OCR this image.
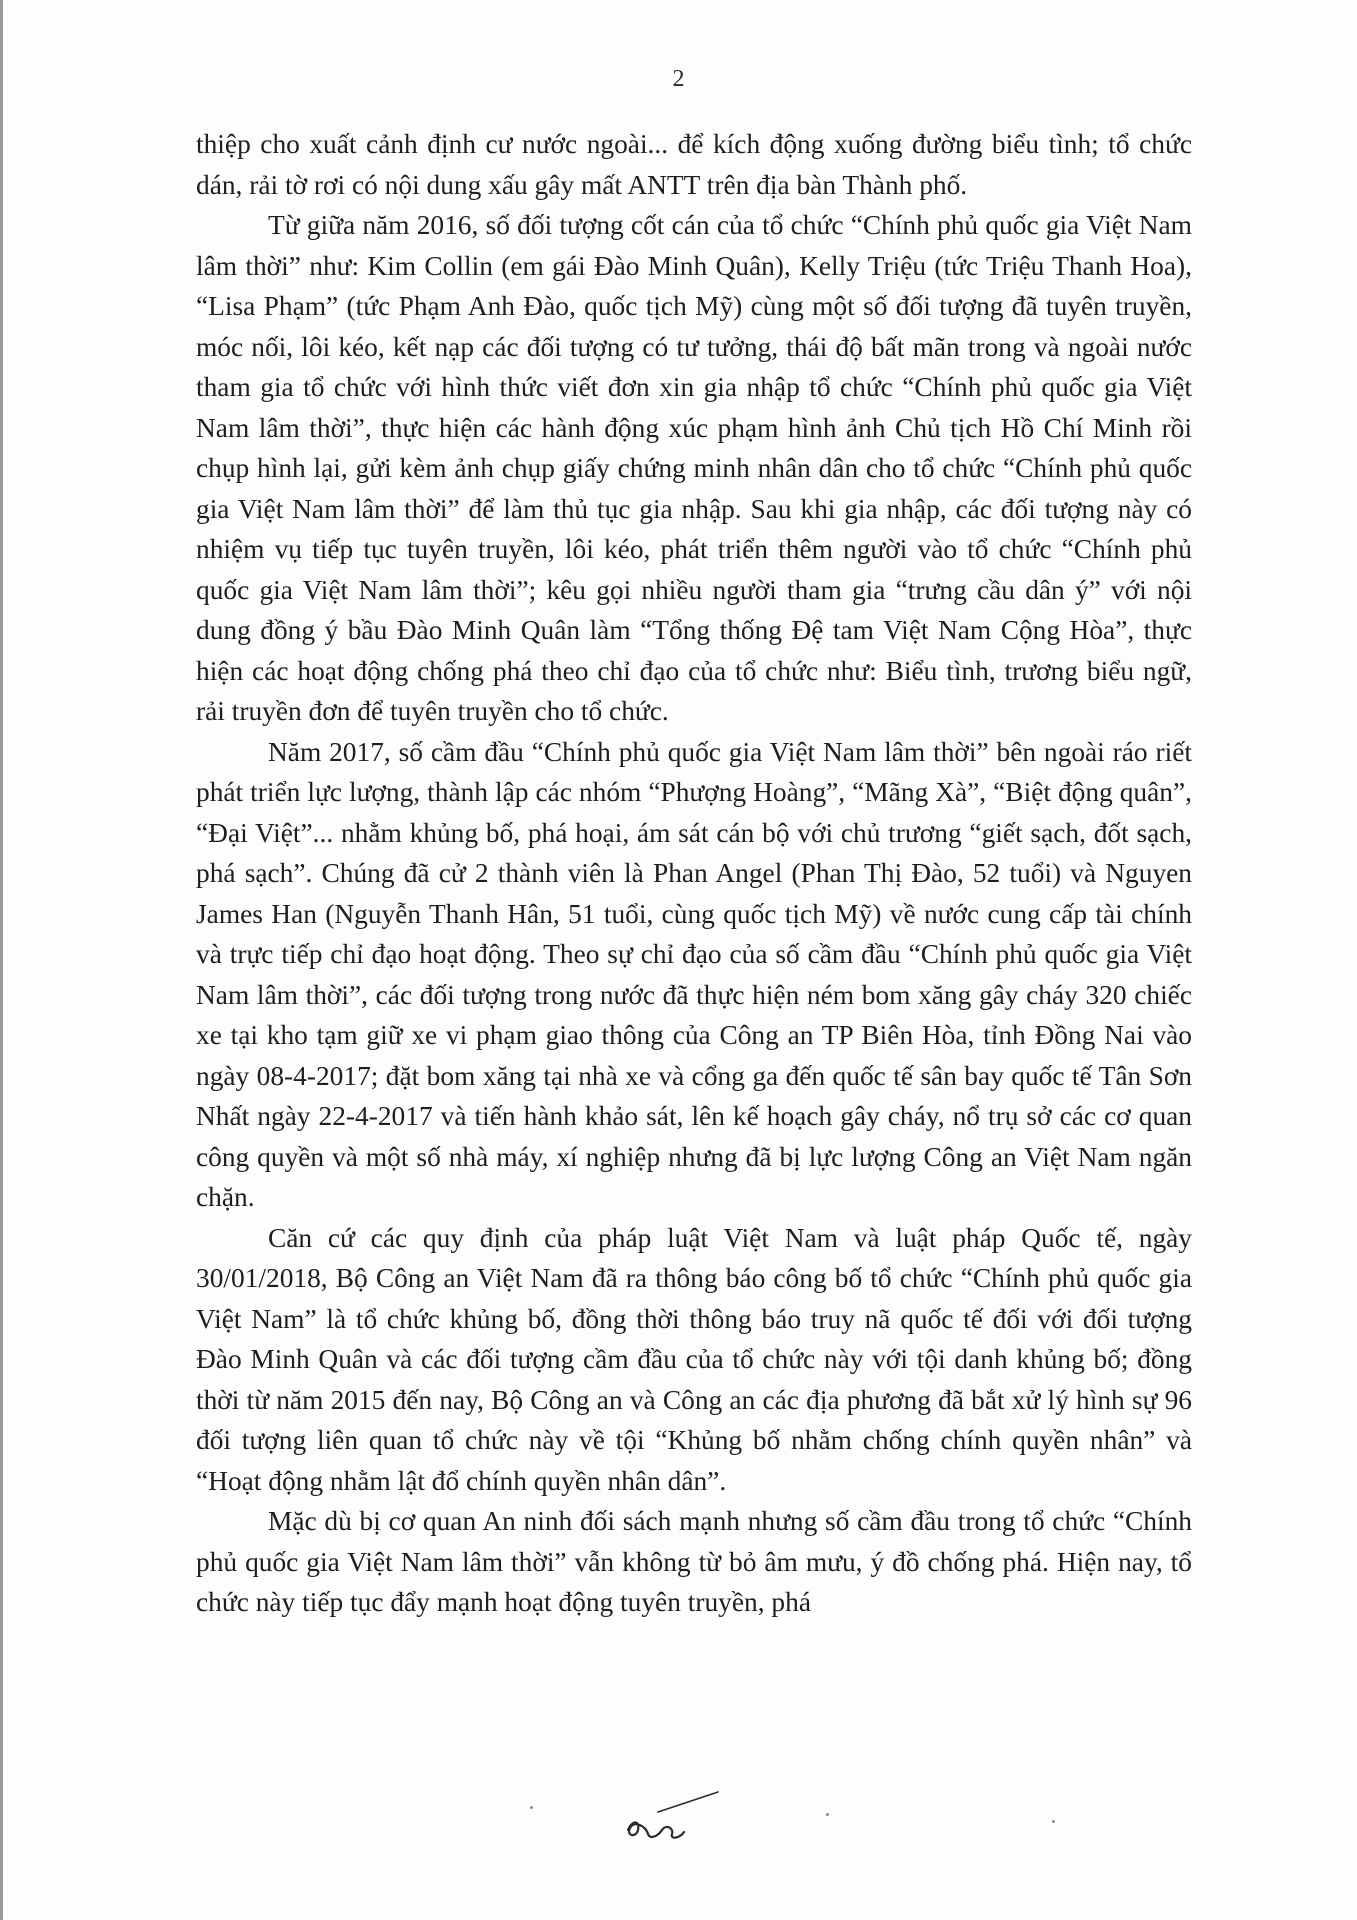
2

thiệp cho xuất cảnh định cư nước ngoài... để kích động xuống đường biểu tình; tổ chức dán, rải tờ rơi có nội dung xấu gây mất ANTT trên địa bàn Thành phố.

Từ giữa năm 2016, số đối tượng cốt cán của tổ chức “Chính phủ quốc gia Việt Nam lâm thời” như: Kim Collin (em gái Đào Minh Quân), Kelly Triệu (tức Triệu Thanh Hoa), “Lisa Phạm” (tức Phạm Anh Đào, quốc tịch Mỹ) cùng một số đối tượng đã tuyên truyền, móc nối, lôi kéo, kết nạp các đối tượng có tư tưởng, thái độ bất mãn trong và ngoài nước tham gia tổ chức với hình thức viết đơn xin gia nhập tổ chức “Chính phủ quốc gia Việt Nam lâm thời”, thực hiện các hành động xúc phạm hình ảnh Chủ tịch Hồ Chí Minh rồi chụp hình lại, gửi kèm ảnh chụp giấy chứng minh nhân dân cho tổ chức “Chính phủ quốc gia Việt Nam lâm thời” để làm thủ tục gia nhập. Sau khi gia nhập, các đối tượng này có nhiệm vụ tiếp tục tuyên truyền, lôi kéo, phát triển thêm người vào tổ chức “Chính phủ quốc gia Việt Nam lâm thời”; kêu gọi nhiều người tham gia “trưng cầu dân ý” với nội dung đồng ý bầu Đào Minh Quân làm “Tổng thống Đệ tam Việt Nam Cộng Hòa”, thực hiện các hoạt động chống phá theo chỉ đạo của tổ chức như: Biểu tình, trương biểu ngữ, rải truyền đơn để tuyên truyền cho tổ chức.

Năm 2017, số cầm đầu “Chính phủ quốc gia Việt Nam lâm thời” bên ngoài ráo riết phát triển lực lượng, thành lập các nhóm “Phượng Hoàng”, “Mãng Xà”, “Biệt động quân”, “Đại Việt”... nhằm khủng bố, phá hoại, ám sát cán bộ với chủ trương “giết sạch, đốt sạch, phá sạch”. Chúng đã cử 2 thành viên là Phan Angel (Phan Thị Đào, 52 tuổi) và Nguyen James Han (Nguyễn Thanh Hân, 51 tuổi, cùng quốc tịch Mỹ) về nước cung cấp tài chính và trực tiếp chỉ đạo hoạt động. Theo sự chỉ đạo của số cầm đầu “Chính phủ quốc gia Việt Nam lâm thời”, các đối tượng trong nước đã thực hiện ném bom xăng gây cháy 320 chiếc xe tại kho tạm giữ xe vi phạm giao thông của Công an TP Biên Hòa, tỉnh Đồng Nai vào ngày 08-4-2017; đặt bom xăng tại nhà xe và cổng ga đến quốc tế sân bay quốc tế Tân Sơn Nhất ngày 22-4-2017 và tiến hành khảo sát, lên kế hoạch gây cháy, nổ trụ sở các cơ quan công quyền và một số nhà máy, xí nghiệp nhưng đã bị lực lượng Công an Việt Nam ngăn chặn.

Căn cứ các quy định của pháp luật Việt Nam và luật pháp Quốc tế, ngày 30/01/2018, Bộ Công an Việt Nam đã ra thông báo công bố tổ chức “Chính phủ quốc gia Việt Nam” là tổ chức khủng bố, đồng thời thông báo truy nã quốc tế đối với đối tượng Đào Minh Quân và các đối tượng cầm đầu của tổ chức này với tội danh khủng bố; đồng thời từ năm 2015 đến nay, Bộ Công an và Công an các địa phương đã bắt xử lý hình sự 96 đối tượng liên quan tổ chức này về tội “Khủng bố nhằm chống chính quyền nhân” và “Hoạt động nhằm lật đổ chính quyền nhân dân”.

Mặc dù bị cơ quan An ninh đối sách mạnh nhưng số cầm đầu trong tổ chức “Chính phủ quốc gia Việt Nam lâm thời” vẫn không từ bỏ âm mưu, ý đồ chống phá. Hiện nay, tổ chức này tiếp tục đẩy mạnh hoạt động tuyên truyền, phá
